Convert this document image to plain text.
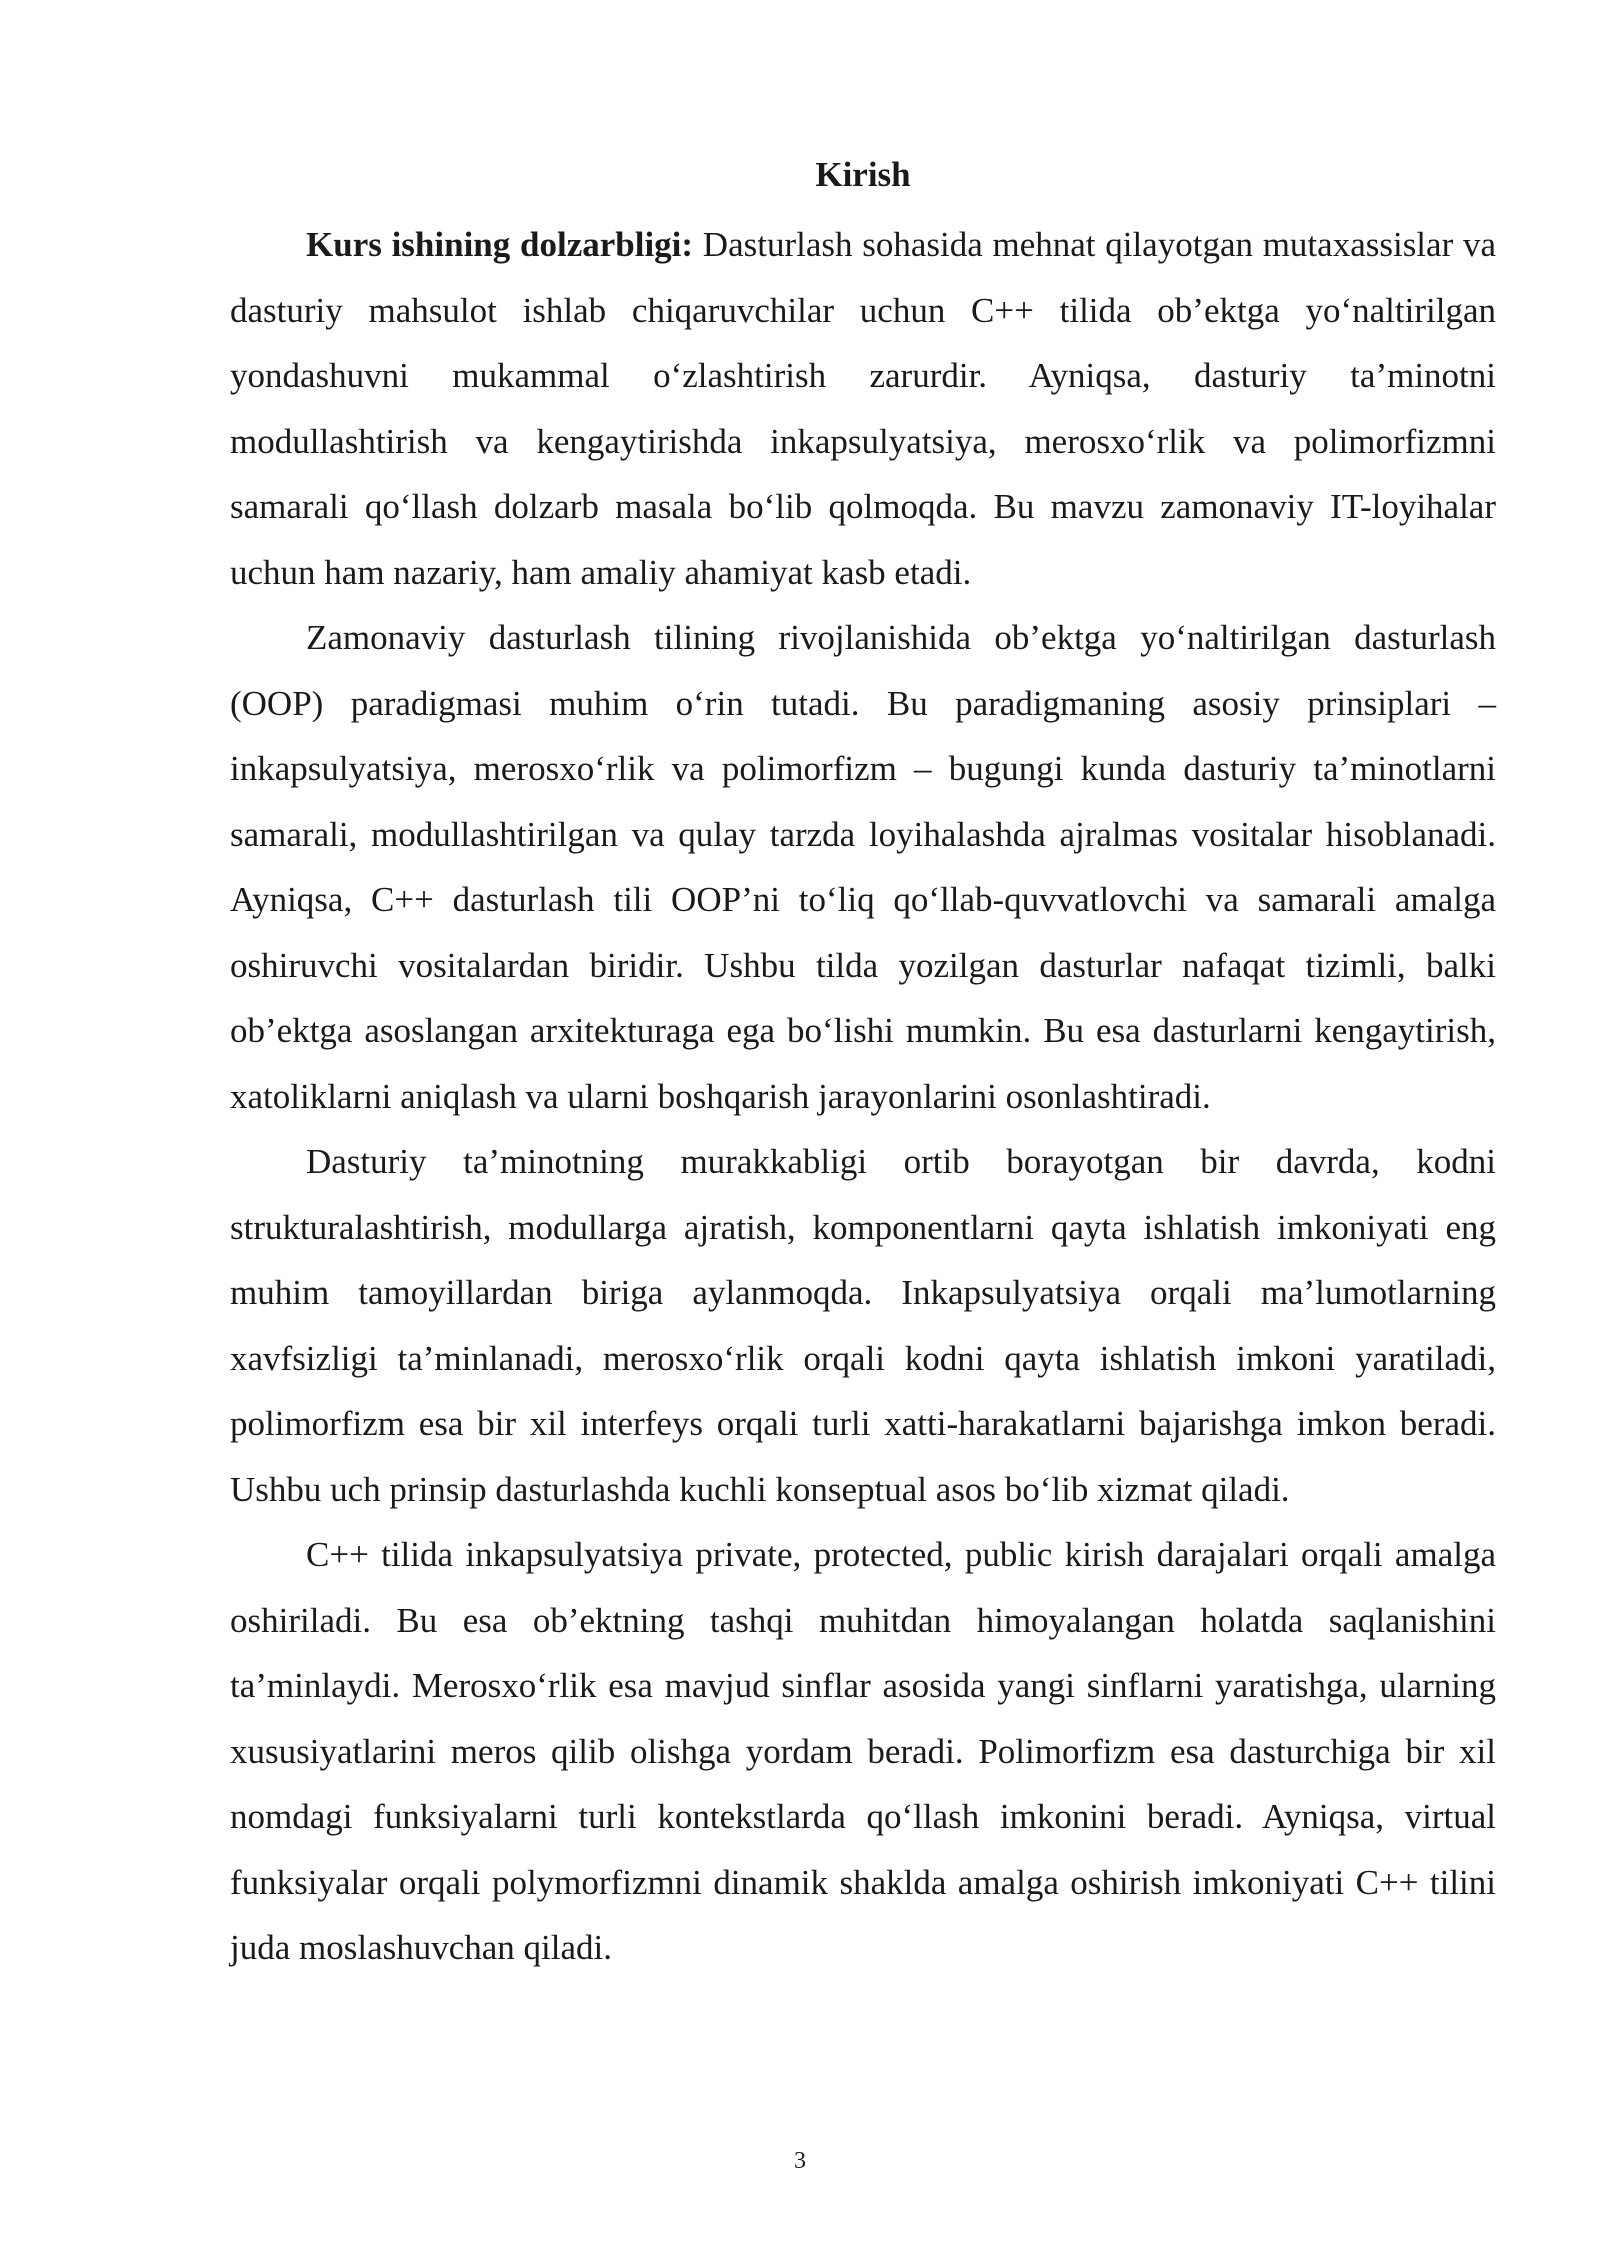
Kirish

Kurs ishining dolzarbligi: Dasturlash sohasida mehnat qilayotgan mutaxassislar va dasturiy mahsulot ishlab chiqaruvchilar uchun C++ tilida ob’ektga yo‘naltirilgan yondashuvni mukammal o‘zlashtirish zarurdir. Ayniqsa, dasturiy ta’minotni modullashtirish va kengaytirishda inkapsulyatsiya, merosxo‘rlik va polimorfizmni samarali qo‘llash dolzarb masala bo‘lib qolmoqda. Bu mavzu zamonaviy IT-loyihalar uchun ham nazariy, ham amaliy ahamiyat kasb etadi.

Zamonaviy dasturlash tilining rivojlanishida ob’ektga yo‘naltirilgan dasturlash (OOP) paradigmasi muhim o‘rin tutadi. Bu paradigmaning asosiy prinsiplari – inkapsulyatsiya, merosxo‘rlik va polimorfizm – bugungi kunda dasturiy ta’minotlarni samarali, modullashtirilgan va qulay tarzda loyihalashda ajralmas vositalar hisoblanadi. Ayniqsa, C++ dasturlash tili OOP’ni to‘liq qo‘llab-quvvatlovchi va samarali amalga oshiruvchi vositalardan biridir. Ushbu tilda yozilgan dasturlar nafaqat tizimli, balki ob’ektga asoslangan arxitekturaga ega bo‘lishi mumkin. Bu esa dasturlarni kengaytirish, xatoliklarni aniqlash va ularni boshqarish jarayonlarini osonlashtiradi.

Dasturiy ta’minotning murakkabligi ortib borayotgan bir davrda, kodni strukturalashtirish, modullarga ajratish, komponentlarni qayta ishlatish imkoniyati eng muhim tamoyillardan biriga aylanmoqda. Inkapsulyatsiya orqali ma’lumotlarning xavfsizligi ta’minlanadi, merosxo‘rlik orqali kodni qayta ishlatish imkoni yaratiladi, polimorfizm esa bir xil interfeys orqali turli xatti-harakatlarni bajarishga imkon beradi. Ushbu uch prinsip dasturlashda kuchli konseptual asos bo‘lib xizmat qiladi.

C++ tilida inkapsulyatsiya private, protected, public kirish darajalari orqali amalga oshiriladi. Bu esa ob’ektning tashqi muhitdan himoyalangan holatda saqlanishini ta’minlaydi. Merosxo‘rlik esa mavjud sinflar asosida yangi sinflarni yaratishga, ularning xususiyatlarini meros qilib olishga yordam beradi. Polimorfizm esa dasturchiga bir xil nomdagi funksiyalarni turli kontekstlarda qo‘llash imkonini beradi. Ayniqsa, virtual funksiyalar orqali polymorfizmni dinamik shaklda amalga oshirish imkoniyati C++ tilini juda moslashuvchan qiladi.

3
